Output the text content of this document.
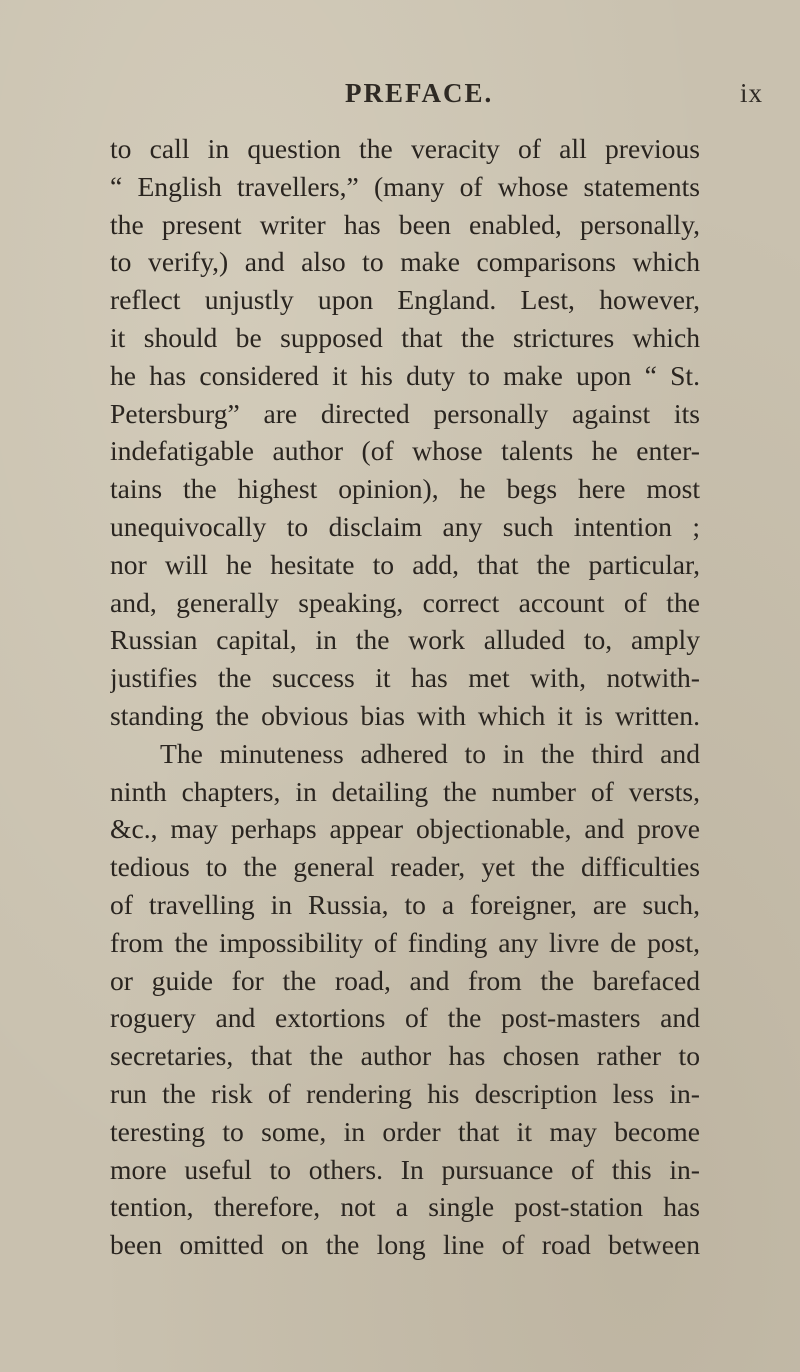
PREFACE.	ix
to call in question the veracity of all previous
“ English travellers,” (many of whose statements
the present writer has been enabled, personally,
to verify,) and also to make comparisons which
reflect unjustly upon England. Lest, however,
it should be supposed that the strictures which
he has considered it his duty to make upon “ St.
Petersburg” are directed personally against its
indefatigable author (of whose talents he enter-
tains the highest opinion), he begs here most
unequivocally to disclaim any such intention ;
nor will he hesitate to add, that the particular,
and, generally speaking, correct account of the
Russian capital, in the work alluded to, amply
justifies the success it has met with, notwith-
standing the obvious bias with which it is written.
The minuteness adhered to in the third and
ninth chapters, in detailing the number of versts,
&c., may perhaps appear objectionable, and prove
tedious to the general reader, yet the difficulties
of travelling in Russia, to a foreigner, are such,
from the impossibility of finding any livre de post,
or guide for the road, and from the barefaced
roguery and extortions of the post-masters and
secretaries, that the author has chosen rather to
run the risk of rendering his description less in-
teresting to some, in order that it may become
more useful to others. In pursuance of this in-
tention, therefore, not a single post-station has
been omitted on the long line of road between
